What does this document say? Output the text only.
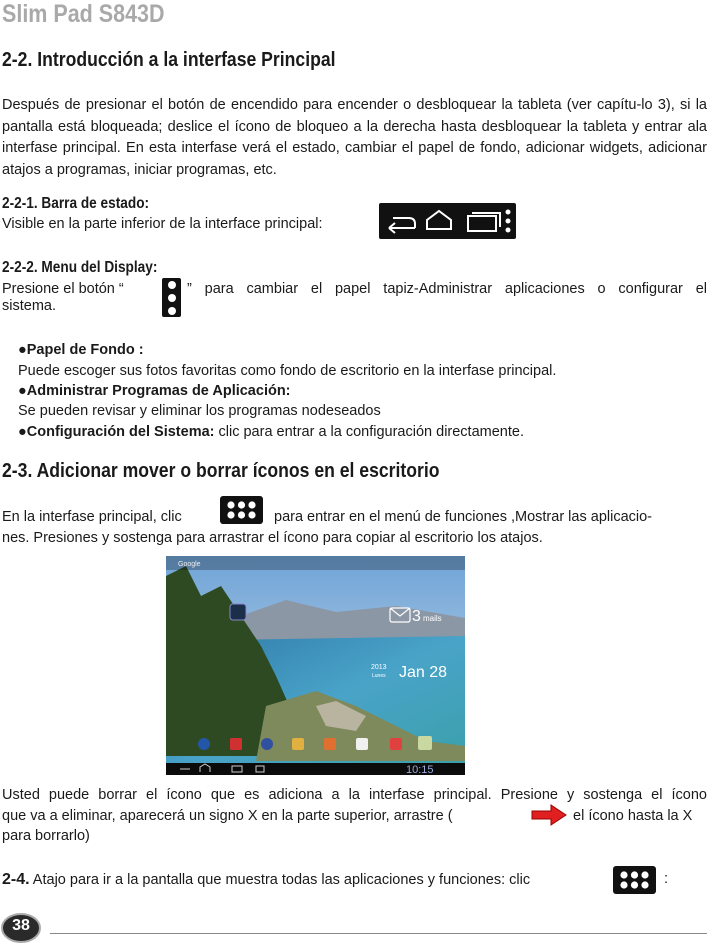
Slim Pad S843D
2-2. Introducción a la interfase Principal
Después de presionar el botón de encendido para encender o desbloquear la tableta (ver capítu-lo 3), si la pantalla está bloqueada; deslice el ícono de bloqueo a la derecha hasta desbloquear la tableta y entrar ala interfase principal. En esta interfase verá el estado, cambiar el papel de fondo, adicionar widgets, adicionar atajos a programas, iniciar programas, etc.
2-2-1. Barra de estado:
Visible en la parte inferior de la interface principal:
2-2-2. Menu del Display:
Presione el botón “	” para cambiar el papel tapiz-Administrar aplicaciones o configurar el
sistema.
●Papel de Fondo :
Puede escoger sus fotos favoritas como fondo de escritorio en la interfase principal.
●Administrar Programas de Aplicación:
Se pueden revisar y eliminar los programas nodeseados
●Configuración del Sistema: clic para entrar a la configuración directamente.
2-3. Adicionar mover o borrar íconos en el escritorio
En la interfase principal, clic	para entrar en el menú de funciones ,Mostrar las aplicacio-
nes. Presiones y sostenga para arrastrar el ícono para copiar al escritorio los atajos.
Google
3 mails
2013
Lunes Jan 28
10:15
Usted puede borrar el ícono que es adiciona a la interfase principal. Presione y sostenga el ícono
que va a eliminar, aparecerá un signo X en la parte superior, arrastre (	el ícono hasta la X
para borrarlo)
2-4. Atajo para ir a la pantalla que muestra todas las aplicaciones y funciones: clic	:
38
